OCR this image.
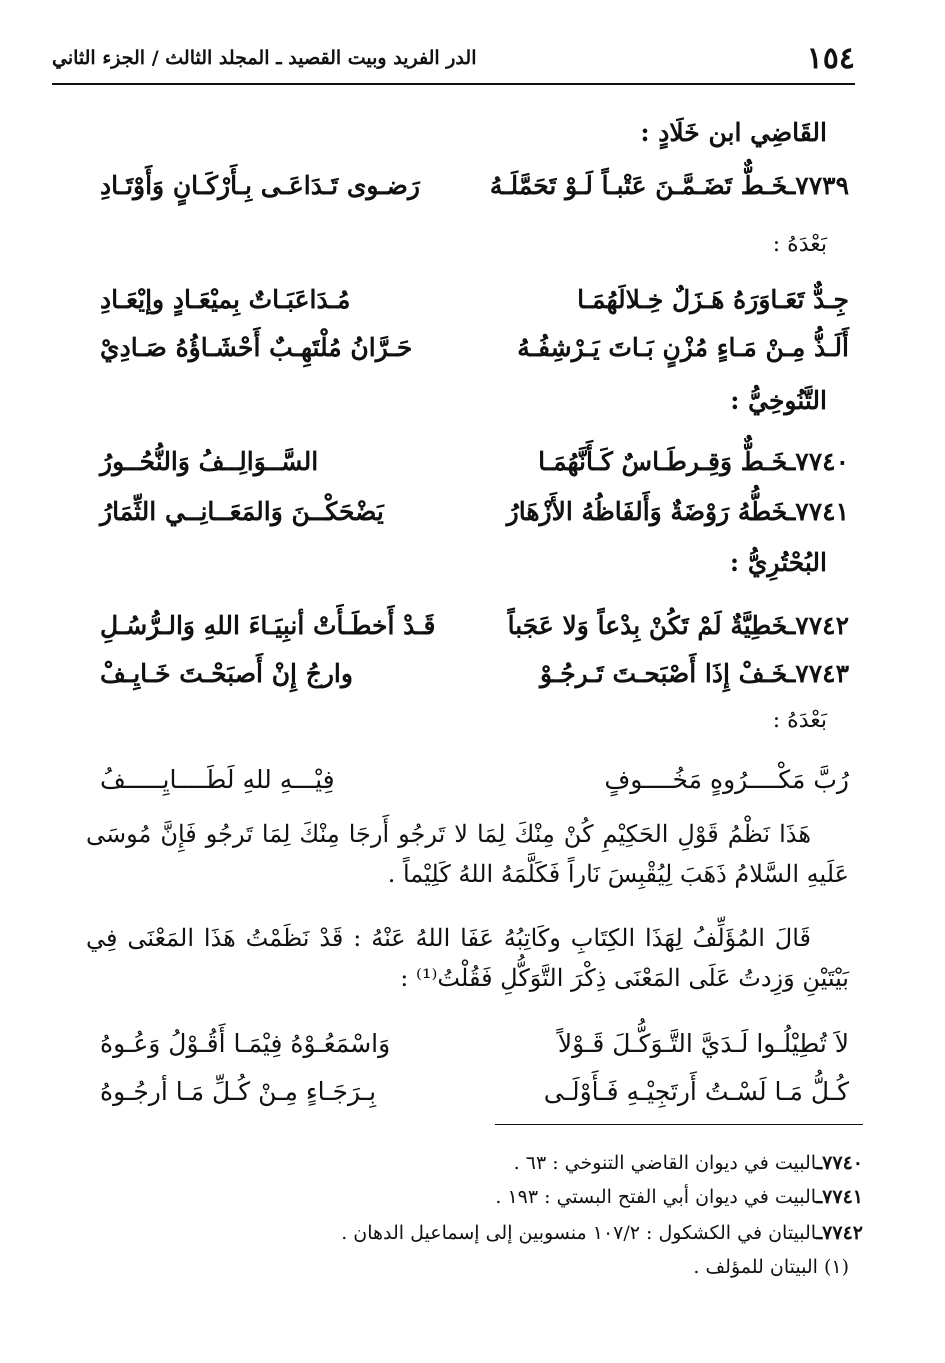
١٥٤
الدر الفريد وبيت القصيد ـ المجلد الثالث / الجزء الثاني
القَاضِي ابن خَلَادٍ :
٧٧٣٩ـخَـطٌّ تَضَـمَّـنَ عَتْبـاً لَـوْ تَحَمَّلَـهُ
رَضـوى تَـدَاعَـى بِـأَرْكَـانٍ وَأَوْتَـادِ
بَعْدَهُ :
جِـدٌّ تَعَـاوَرَهُ هَـزَلٌ خِـلالَهُمَـا
مُـدَاعَبَـاتٌ بِميْعَـادٍ وإيْعَـادِ
أَلَـذُّ مِـنْ مَـاءٍ مُزْنٍ بَـاتَ يَـرْشِفُـهُ
حَـرَّانُ مُلْتَهِـبٌ أَحْشَـاؤُهُ صَـادِيْ
التَّنُوخِيُّ :
٧٧٤٠ـخَـطٌّ وَقِـرطَـاسٌ كَـأَنَّهُمَـا
السَّــوَالِــفُ وَالنُّحُــورُ
٧٧٤١ـخَطُّهُ رَوْضَةٌ وَأَلفَاظُهُ الأَزْهَارُ
يَضْحَكْــنَ وَالمَعَــانِــي الثِّمَارُ
البُحْتُرِيُّ :
٧٧٤٢ـخَطِيَّةٌ لَمْ تَكُنْ بِدْعاً وَلا عَجَباً
قَـدْ أَخطَـأَتْ أنبِيَـاءَ اللهِ وَالـرُّسُـلِ
٧٧٤٣ـخَـفْ إِذَا أَصْبَحـتَ تَـرجُـوْ
وارجُ إِنْ أَصبَحْـتَ خَـايِـفْ
بَعْدَهُ :
رُبَّ مَكْــــرُوهٍ مَخُــــوفٍ
فِيْـــهِ للهِ لَطَــــايِـــــفُ

هَذَا نَظْمُ قَوْلِ الحَكِيْمِ كُنْ مِنْكَ لِمَا لا تَرجُو أَرجَا مِنْكَ لِمَا تَرجُو فَإِنَّ مُوسَى عَلَيهِ السَّلامُ ذَهَبَ لِيُقْبِسَ نَاراً فَكَلَّمَهُ اللهُ كَلِيْماً .

قَالَ المُؤَلِّفُ لِهَذَا الكِتَابِ وكَاتِبُهُ عَفَا اللهُ عَنْهُ : قَدْ نَظَمْتُ هَذَا المَعْنَى فِي بَيْتَيْنِ وَزِدتُ عَلَى المَعْنَى ذِكْرَ التَّوَكُّلِ فَقُلْتُ⁽¹⁾ :

لاَ تُطِيْلُـوا لَـدَيَّ التَّـوَكُّـلَ قَـوْلاً
وَاسْمَعُـوْهُ فِيْمَـا أَقُـوْلُ وَعُـوهُ
كُـلُّ مَـا لَسْـتُ أَرتَجِيْـهِ فَـأَوْلَـى
بِـرَجَـاءٍ مِـنْ كُـلِّ مَـا أرجُـوهُ
٧٧٤٠ـالبيت في ديوان القاضي التنوخي : ٦٣ .
٧٧٤١ـالبيت في ديوان أبي الفتح البستي : ١٩٣ .
٧٧٤٢ـالبيتان في الكشكول : ١٠٧/٢ منسوبين إلى إسماعيل الدهان .
(١) البيتان للمؤلف .
